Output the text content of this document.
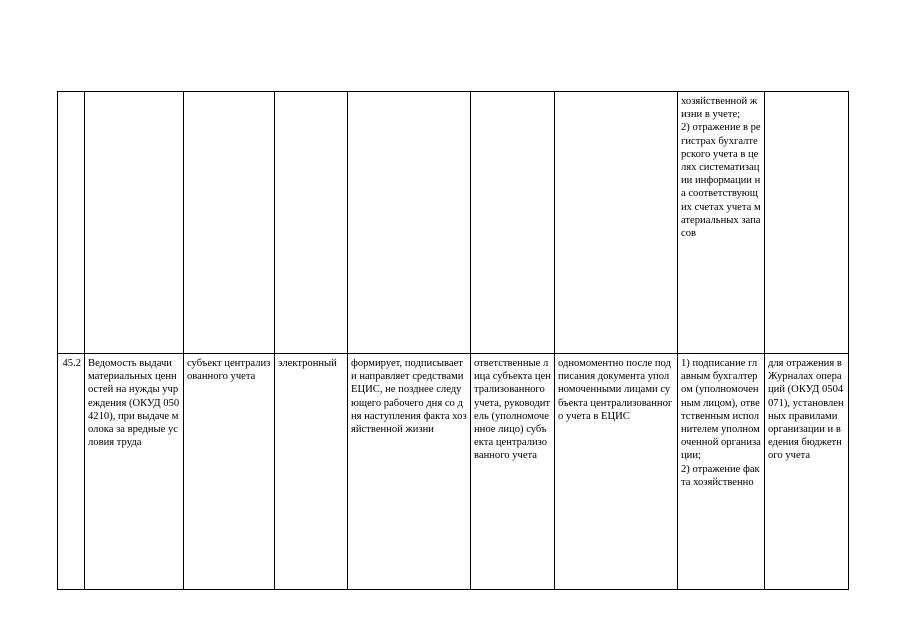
							хозяйственной жизни в учете;
2) отражение в регистрах бухгалтерского учета в целях систематизации информации на соответствующих счетах учета материальных запасов	
45.2	Ведомость выдачи материальных ценностей на нужды учреждения (ОКУД 0504210), при выдаче молока за вредные условия труда	субъект централизованного учета	электронный	формирует, подписывает и направляет средствами ЕЦИС, не позднее следующего рабочего дня со дня наступления факта хозяйственной жизни	ответственные лица субъекта централизованного учета, руководитель (уполномоченное лицо) субъекта централизованного учета	одномоментно после подписания документа уполномоченными лицами субъекта централизованного учета в ЕЦИС	1) подписание главным бухгалтером (уполномоченным лицом), ответственным исполнителем уполномоченной организации;
2) отражение факта хозяйственно	для отражения в Журналах операций (ОКУД 0504071), установленных правилами организации и ведения бюджетного учета
